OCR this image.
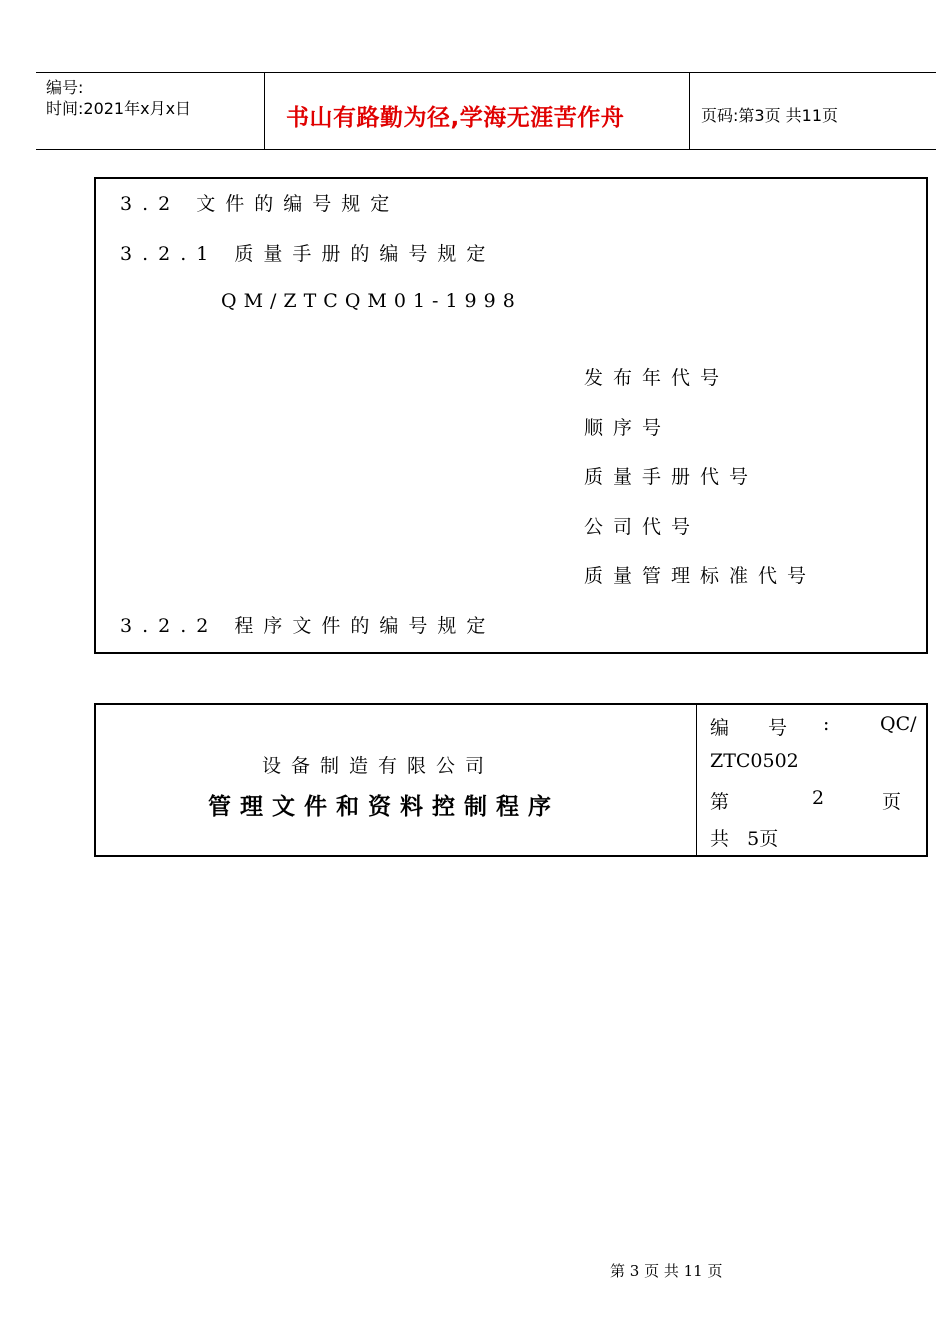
编号:
时间:2021年x月x日	书山有路勤为径,学海无涯苦作舟	页码:第3页 共11页
3.2 文件的编号规定
3.2.1 质量手册的编号规定
QM/ZTCQM01-1998
发布年代号
顺序号
质量手册代号
公司代号
质量管理标准代号
3.2.2 程序文件的编号规定
设备制造有限公司
管理文件和资料控制程序
编 号 :	QC/
ZTC0502
第	2	页
共   5页
第 3 页 共 11 页
